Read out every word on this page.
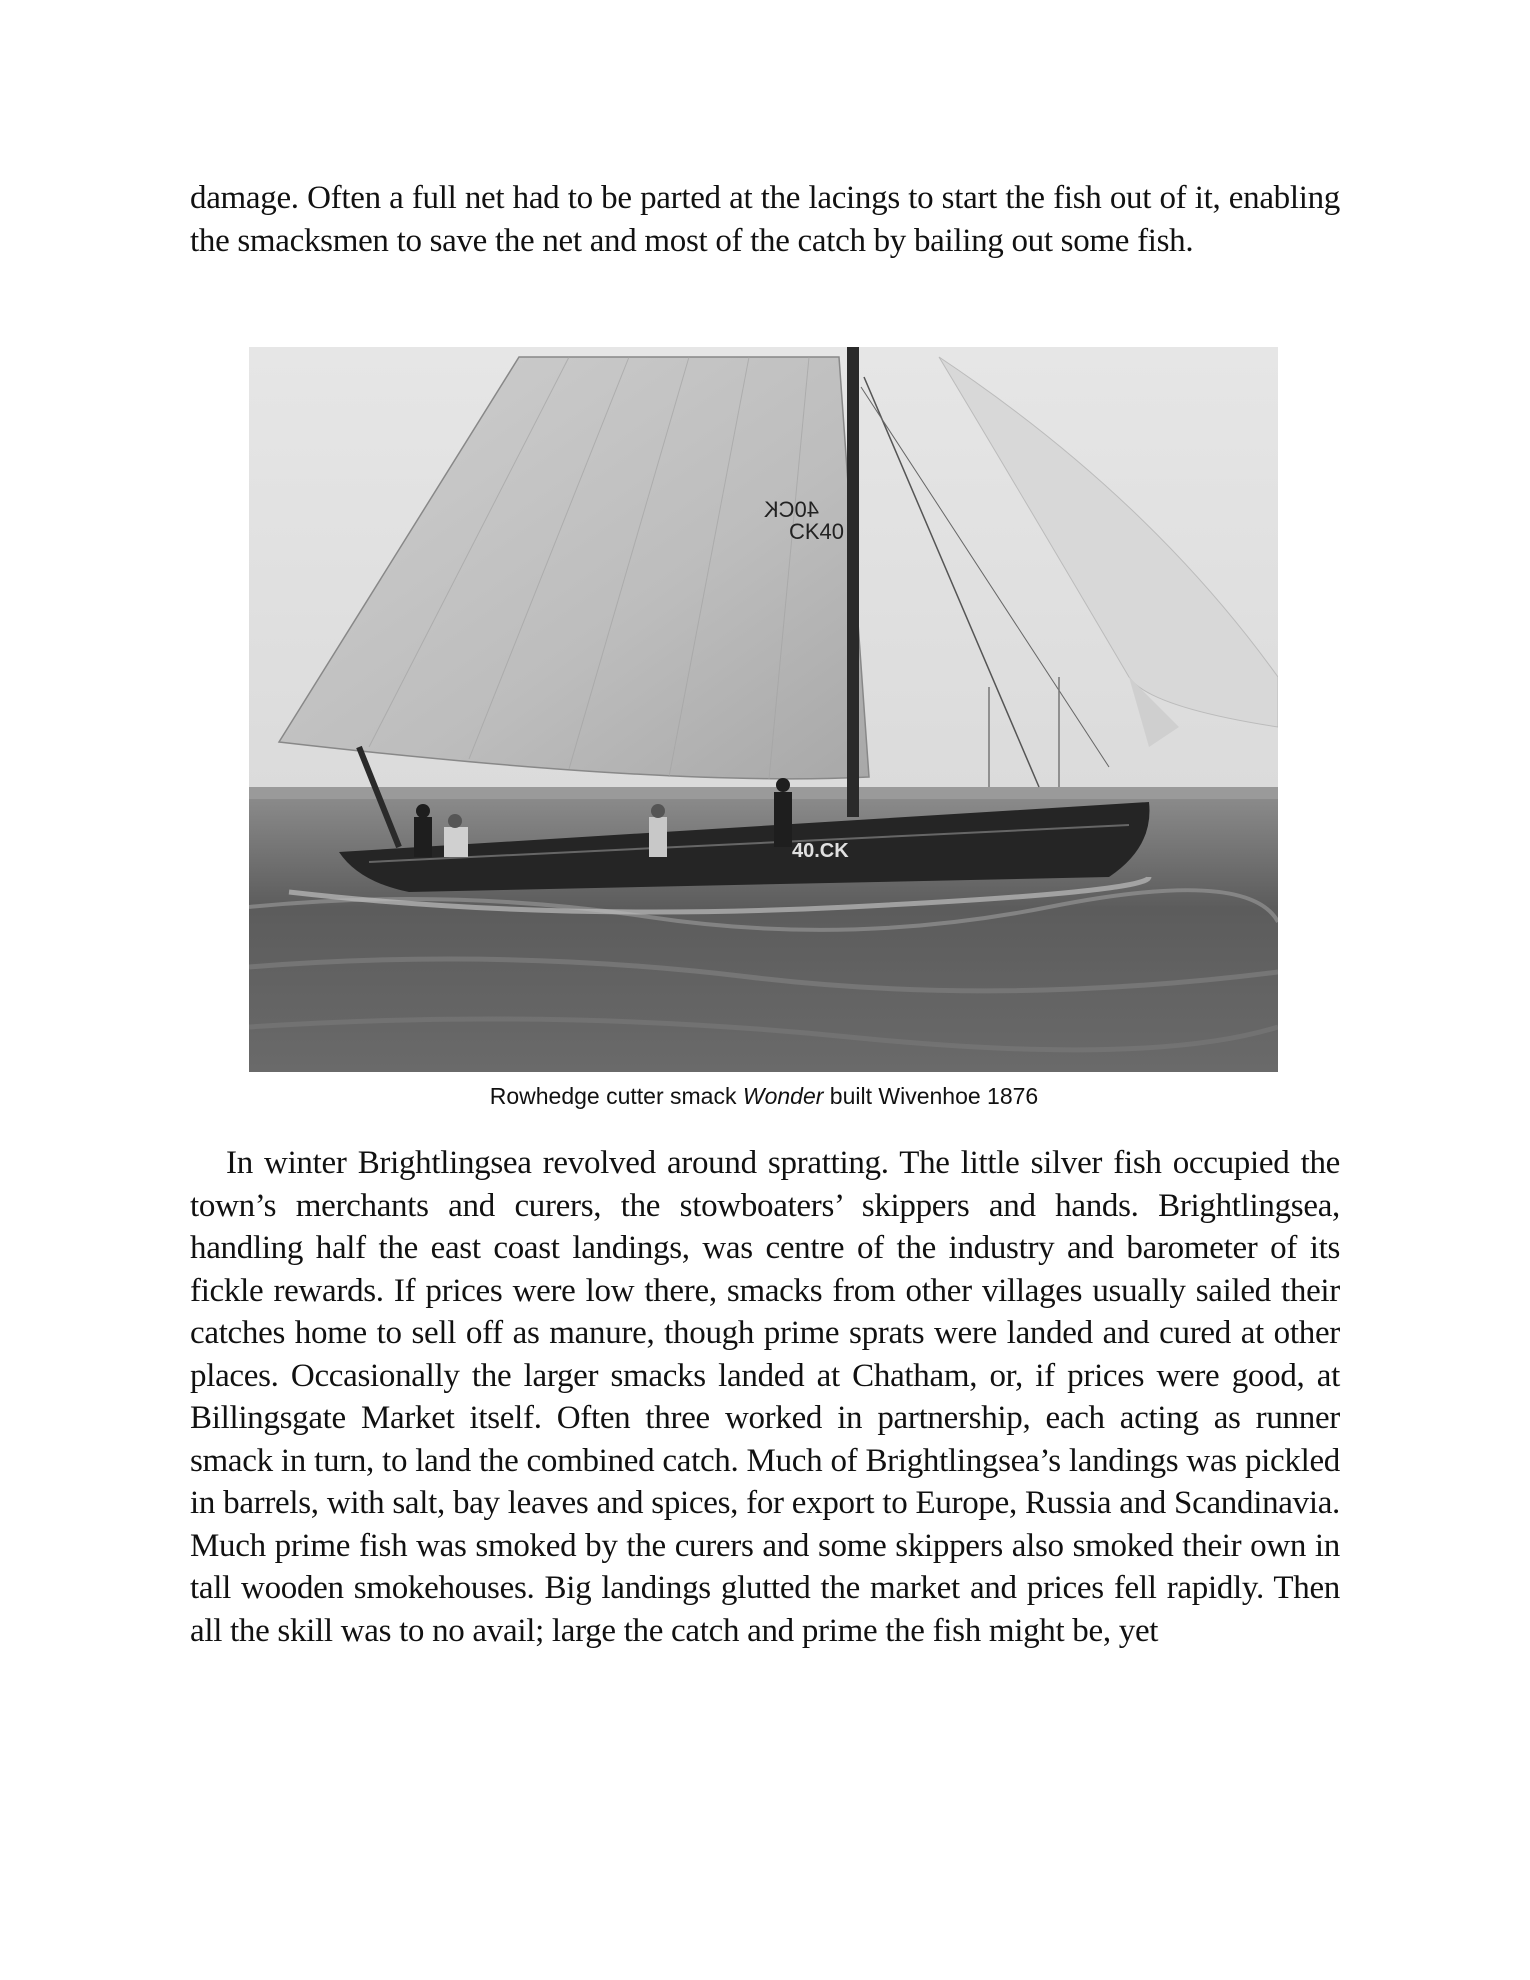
damage. Often a full net had to be parted at the lacings to start the fish out of it, enabling the smacksmen to save the net and most of the catch by bailing out some fish.

40CK
CK40
40.CK
Rowhedge cutter smack Wonder built Wivenhoe 1876

In winter Brightlingsea revolved around spratting. The little silver fish occupied the town’s merchants and curers, the stowboaters’ skippers and hands. Brightlingsea, handling half the east coast landings, was centre of the industry and barometer of its fickle rewards. If prices were low there, smacks from other villages usually sailed their catches home to sell off as manure, though prime sprats were landed and cured at other places. Occasionally the larger smacks landed at Chatham, or, if prices were good, at Billingsgate Market itself. Often three worked in partnership, each acting as runner smack in turn, to land the combined catch. Much of Brightlingsea’s landings was pickled in barrels, with salt, bay leaves and spices, for export to Europe, Russia and Scandinavia. Much prime fish was smoked by the curers and some skippers also smoked their own in tall wooden smokehouses. Big landings glutted the market and prices fell rapidly. Then all the skill was to no avail; large the catch and prime the fish might be, yet
